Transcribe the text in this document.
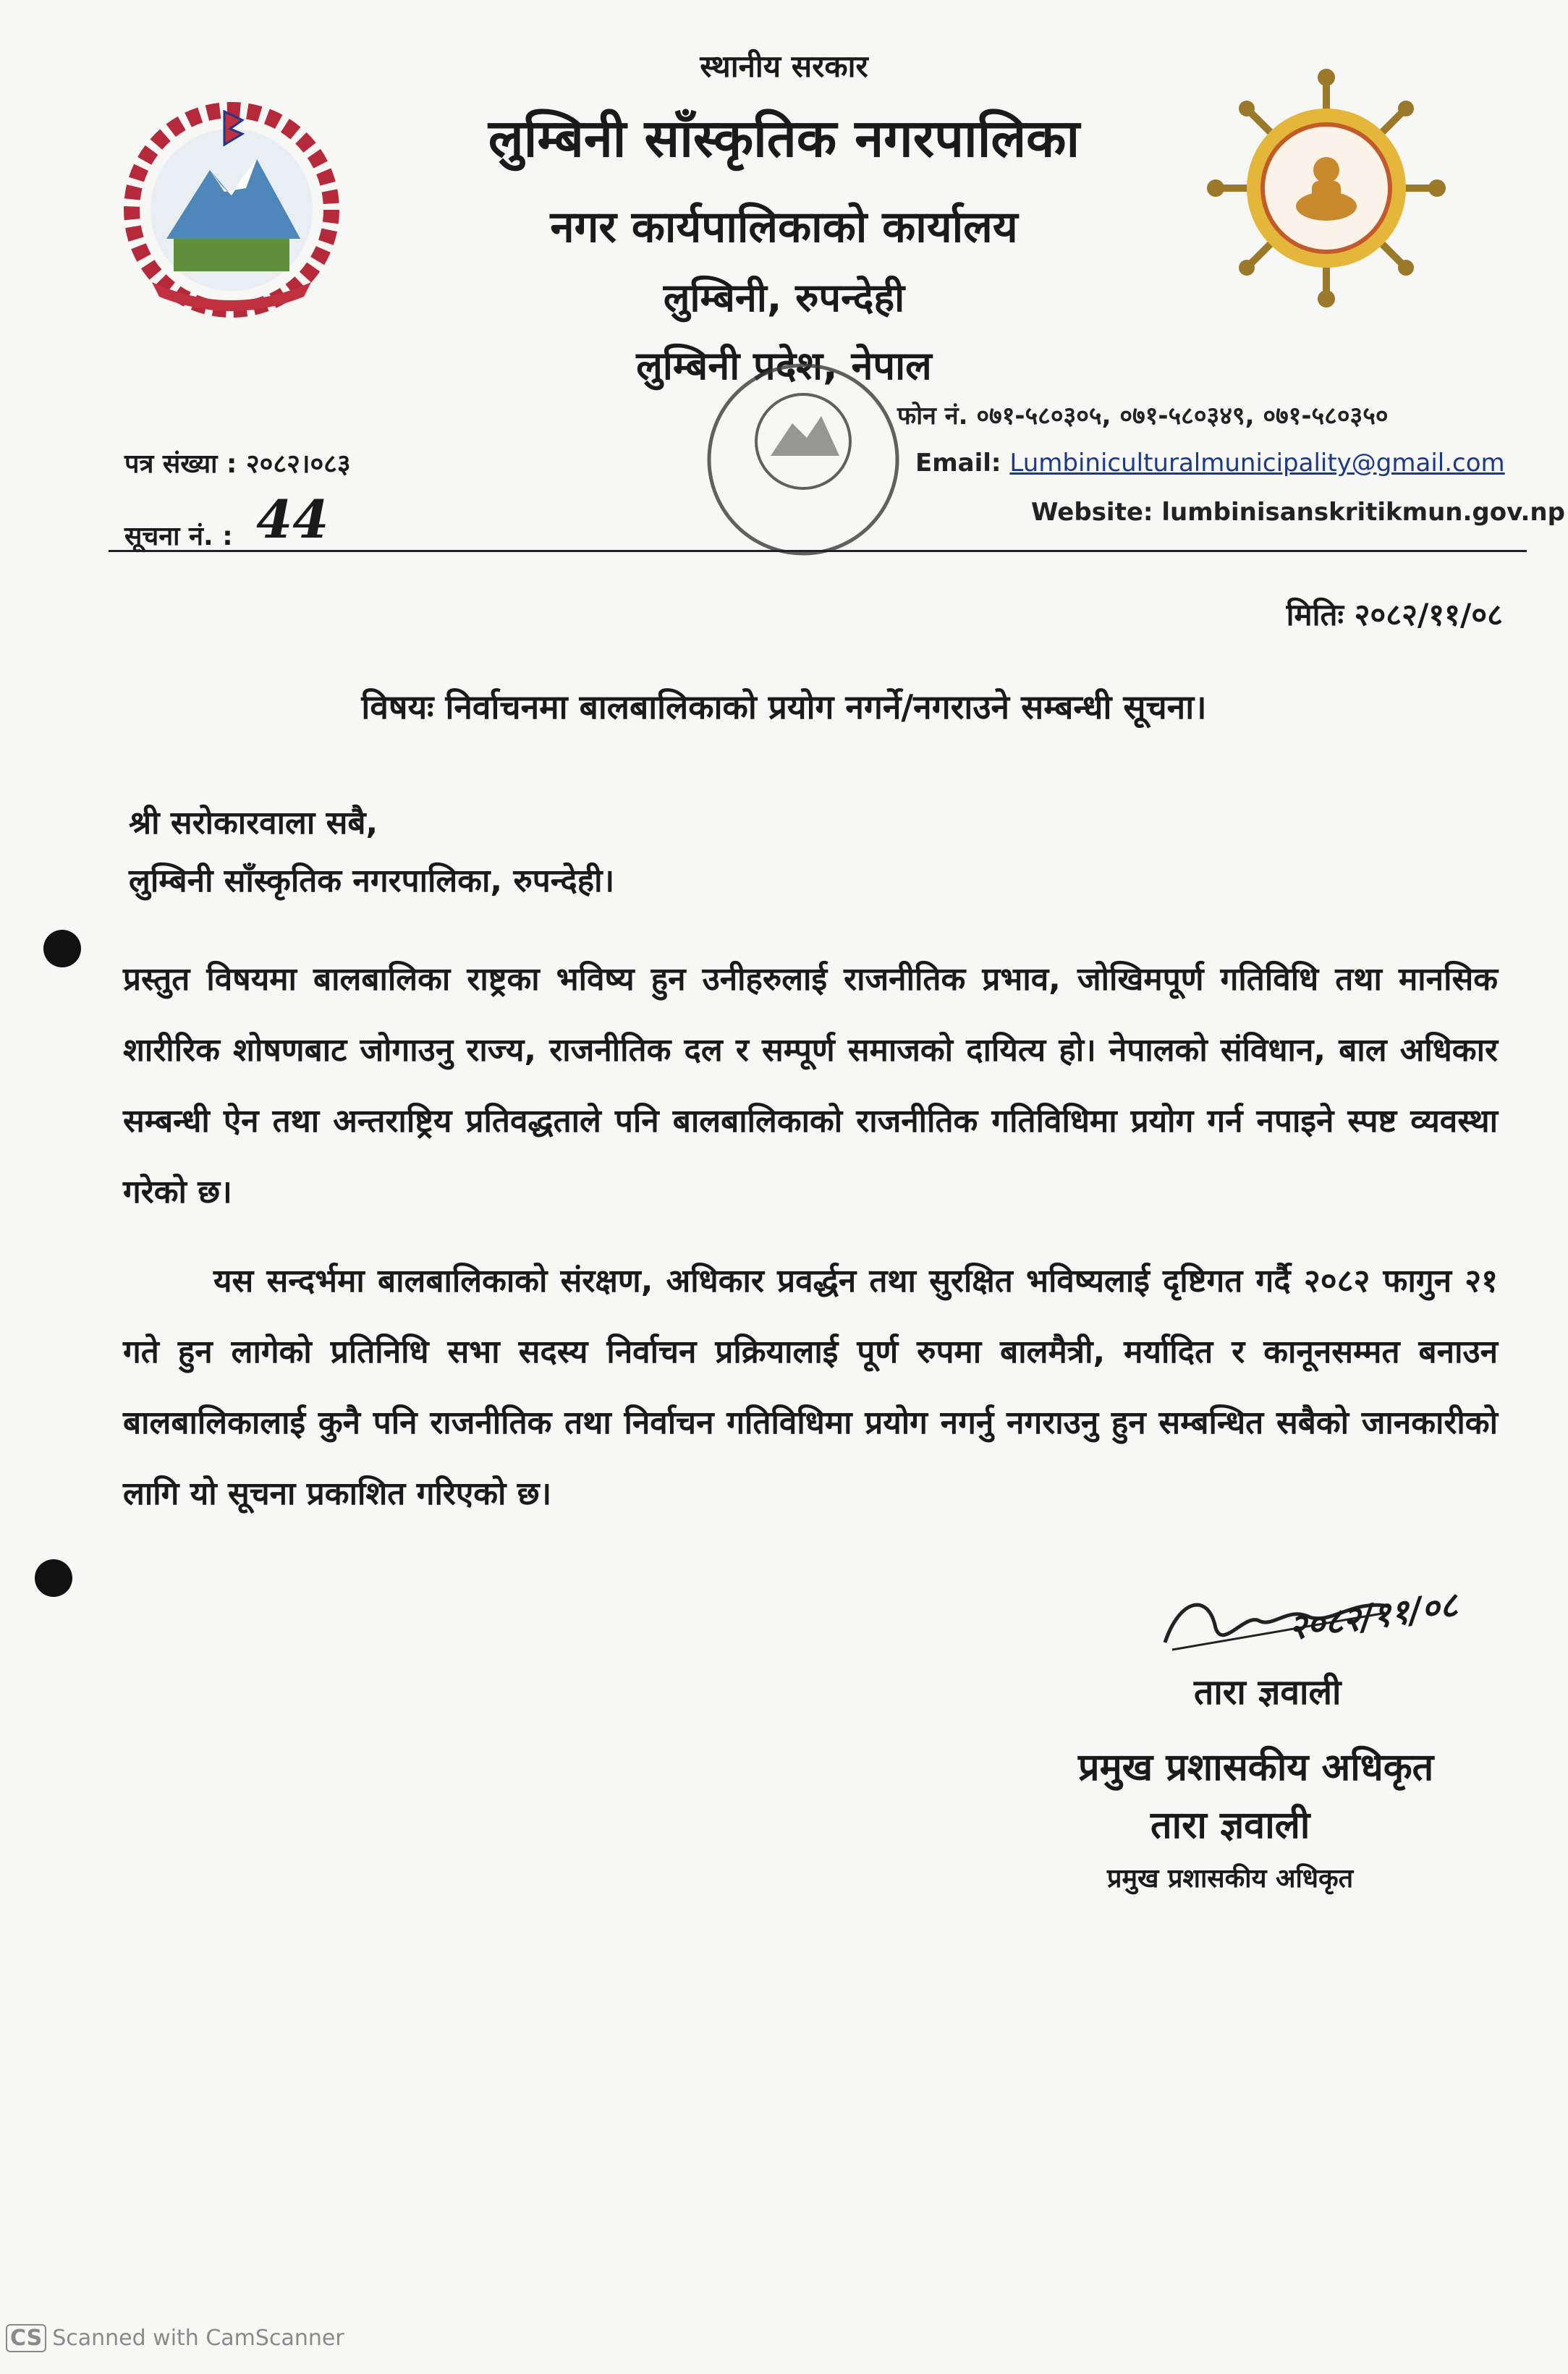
स्थानीय सरकार
लुम्बिनी साँस्कृतिक नगरपालिका
नगर कार्यपालिकाको कार्यालय
लुम्बिनी, रुपन्देही
लुम्बिनी प्रदेश, नेपाल
फोन नं. ०७१-५८०३०५, ०७१-५८०३४९, ०७१-५८०३५०
Email: Lumbiniculturalmunicipality@gmail.com
Website: lumbinisanskritikmun.gov.np
पत्र संख्या : २०८२।०८३
सूचना नं. : 44
मितिः २०८२/११/०८
विषयः निर्वाचनमा बालबालिकाको प्रयोग नगर्ने/नगराउने सम्बन्धी सूचना।
श्री सरोकारवाला सबै,
लुम्बिनी साँस्कृतिक नगरपालिका, रुपन्देही।
प्रस्तुत विषयमा बालबालिका राष्ट्रका भविष्य हुन उनीहरुलाई राजनीतिक प्रभाव, जोखिमपूर्ण गतिविधि तथा मानसिक शारीरिक शोषणबाट जोगाउनु राज्य, राजनीतिक दल र सम्पूर्ण समाजको दायित्य हो। नेपालको संविधान, बाल अधिकार सम्बन्धी ऐन तथा अन्तराष्ट्रिय प्रतिवद्धताले पनि बालबालिकाको राजनीतिक गतिविधिमा प्रयोग गर्न नपाइने स्पष्ट व्यवस्था गरेको छ।
यस सन्दर्भमा बालबालिकाको संरक्षण, अधिकार प्रवर्द्धन तथा सुरक्षित भविष्यलाई दृष्टिगत गर्दै २०८२ फागुन २१ गते हुन लागेको प्रतिनिधि सभा सदस्य निर्वाचन प्रक्रियालाई पूर्ण रुपमा बालमैत्री, मर्यादित र कानूनसम्मत बनाउन बालबालिकालाई कुनै पनि राजनीतिक तथा निर्वाचन गतिविधिमा प्रयोग नगर्नु नगराउनु हुन सम्बन्धित सबैको जानकारीको लागि यो सूचना प्रकाशित गरिएको छ।
२०८२/११/०८
तारा ज्ञवाली
प्रमुख प्रशासकीय अधिकृत
तारा ज्ञवाली
प्रमुख प्रशासकीय अधिकृत
CS Scanned with CamScanner
